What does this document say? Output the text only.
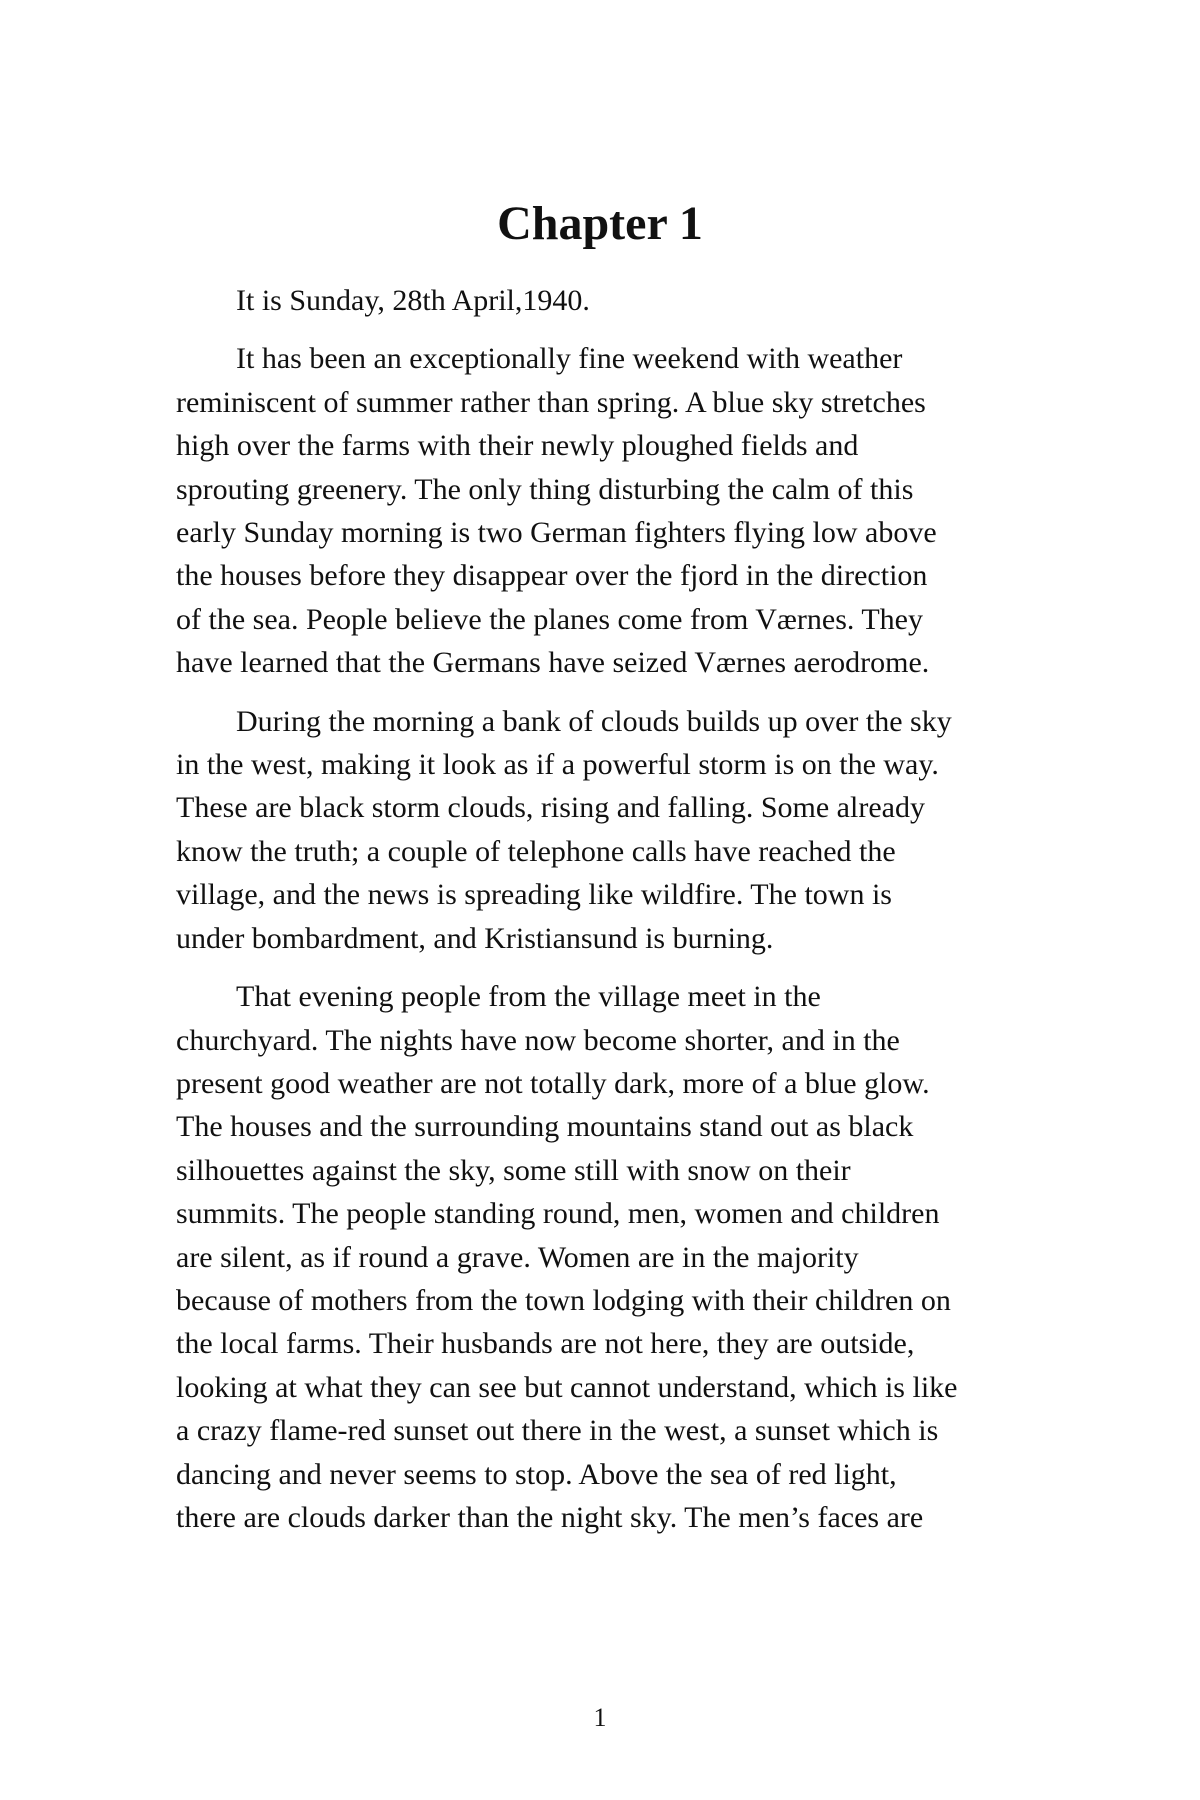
Chapter 1

It is Sunday, 28th April,1940.

It has been an exceptionally fine weekend with weatherreminiscent of summer rather than spring. A blue sky stretcheshigh over the farms with their newly ploughed fields andsprouting greenery. The only thing disturbing the calm of thisearly Sunday morning is two German fighters flying low abovethe houses before they disappear over the fjord in the directionof the sea. People believe the planes come from Værnes. Theyhave learned that the Germans have seized Værnes aerodrome.

During the morning a bank of clouds builds up over the skyin the west, making it look as if a powerful storm is on the way.These are black storm clouds, rising and falling. Some alreadyknow the truth; a couple of telephone calls have reached thevillage, and the news is spreading like wildfire. The town isunder bombardment, and Kristiansund is burning.

That evening people from the village meet in thechurchyard. The nights have now become shorter, and in thepresent good weather are not totally dark, more of a blue glow.The houses and the surrounding mountains stand out as blacksilhouettes against the sky, some still with snow on theirsummits. The people standing round, men, women and childrenare silent, as if round a grave. Women are in the majoritybecause of mothers from the town lodging with their children onthe local farms. Their husbands are not here, they are outside,looking at what they can see but cannot understand, which is likea crazy flame-red sunset out there in the west, a sunset which isdancing and never seems to stop. Above the sea of red light,there are clouds darker than the night sky. The men’s faces are

1
